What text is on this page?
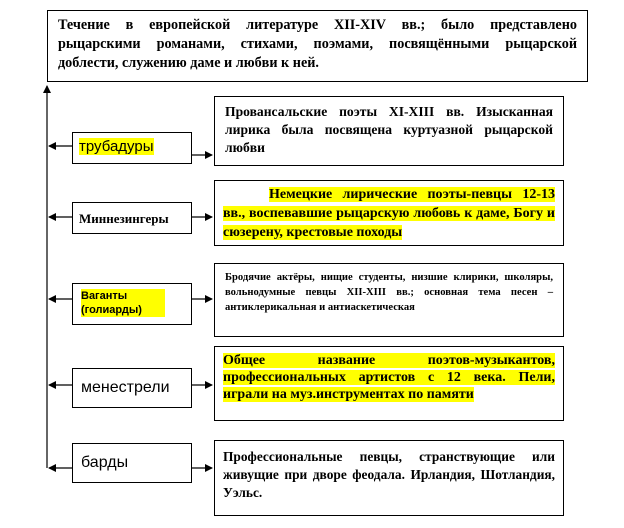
Течение в европейской литературе XII-XIV вв.; было представлено рыцарскими романами, стихами, поэмами, посвящёнными рыцарской доблести, служению даме и любви к ней.
трубадуры
Провансальские поэты XI-XIII вв. Изысканная лирика была посвящена куртуазной рыцарской любви
Миннезингеры
Немецкие лирические поэты-певцы 12-13 вв., воспевавшие рыцарскую любовь к даме, Богу и сюзерену, крестовые походы
Ваганты (голиарды)
Бродячие актёры, нищие студенты, низшие клирики, школяры, вольнодумные певцы XII-XIII вв.; основная тема песен – антиклерикальная и антиаскетическая
менестрели
Общее название поэтов-музыкантов, профессиональных артистов с 12 века. Пели, играли на муз.инструментах по памяти
барды	Профессиональные певцы, странствующие или живущие при дворе феодала. Ирландия, Шотландия, Уэльс.
